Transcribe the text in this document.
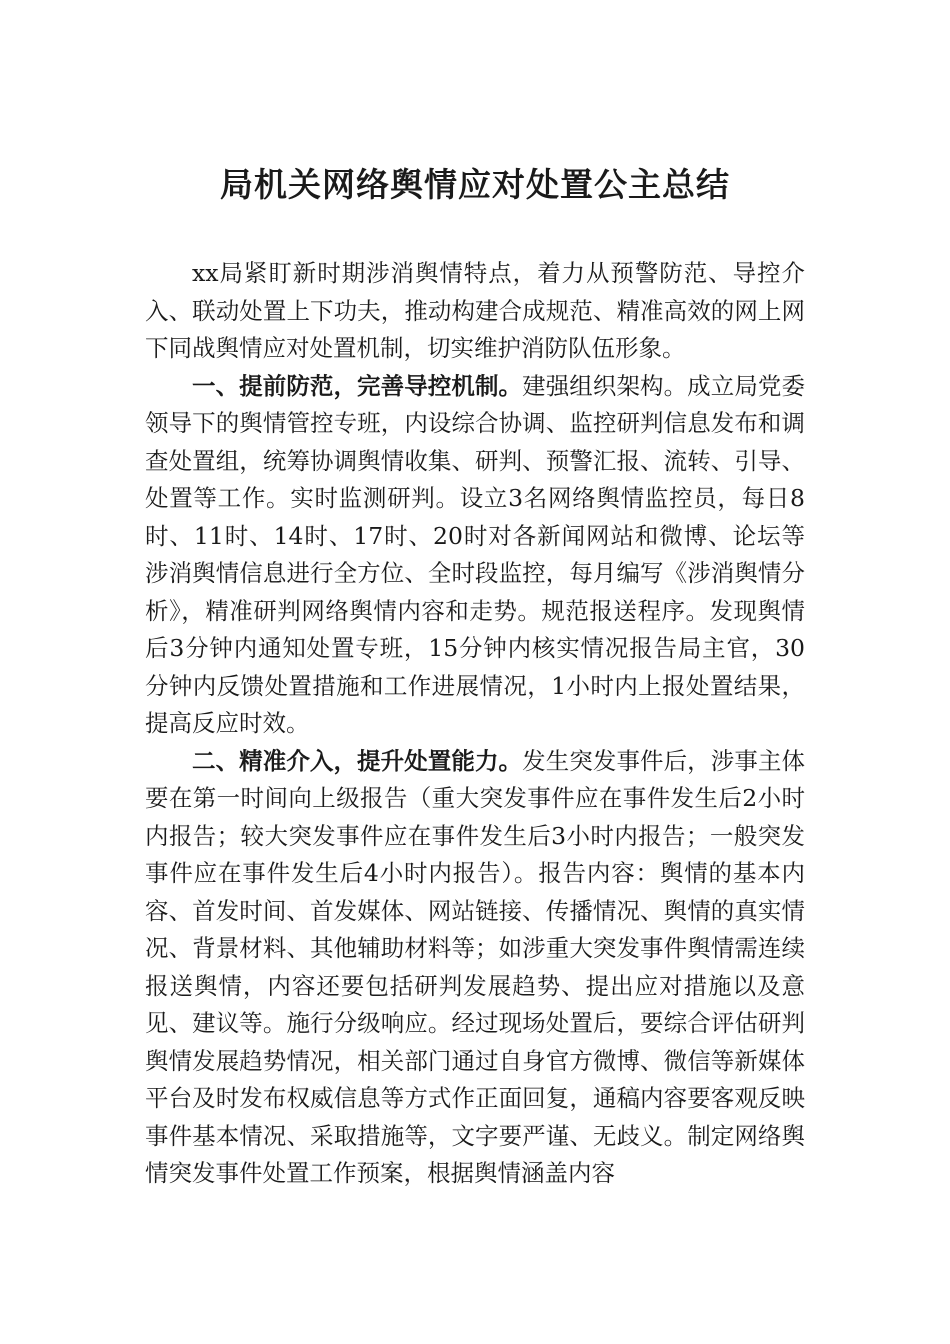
局机关网络舆情应对处置公主总结

xx局紧盯新时期涉消舆情特点，着力从预警防范、导控介入、联动处置上下功夫，推动构建合成规范、精准高效的网上网下同战舆情应对处置机制，切实维护消防队伍形象。

一、提前防范，完善导控机制。建强组织架构。成立局党委领导下的舆情管控专班，内设综合协调、监控研判信息发布和调查处置组，统筹协调舆情收集、研判、预警汇报、流转、引导、处置等工作。实时监测研判。设立3名网络舆情监控员，每日8时、11时、14时、17时、20时对各新闻网站和微博、论坛等涉消舆情信息进行全方位、全时段监控，每月编写《涉消舆情分析》，精准研判网络舆情内容和走势。规范报送程序。发现舆情后3分钟内通知处置专班，15分钟内核实情况报告局主官，30分钟内反馈处置措施和工作进展情况，1小时内上报处置结果，提高反应时效。

二、精准介入，提升处置能力。发生突发事件后，涉事主体要在第一时间向上级报告（重大突发事件应在事件发生后2小时内报告；较大突发事件应在事件发生后3小时内报告；一般突发事件应在事件发生后4小时内报告）。报告内容：舆情的基本内容、首发时间、首发媒体、网站链接、传播情况、舆情的真实情况、背景材料、其他辅助材料等；如涉重大突发事件舆情需连续报送舆情，内容还要包括研判发展趋势、提出应对措施以及意见、建议等。施行分级响应。经过现场处置后，要综合评估研判舆情发展趋势情况，相关部门通过自身官方微博、微信等新媒体平台及时发布权威信息等方式作正面回复，通稿内容要客观反映事件基本情况、采取措施等，文字要严谨、无歧义。制定网络舆情突发事件处置工作预案，根据舆情涵盖内容
